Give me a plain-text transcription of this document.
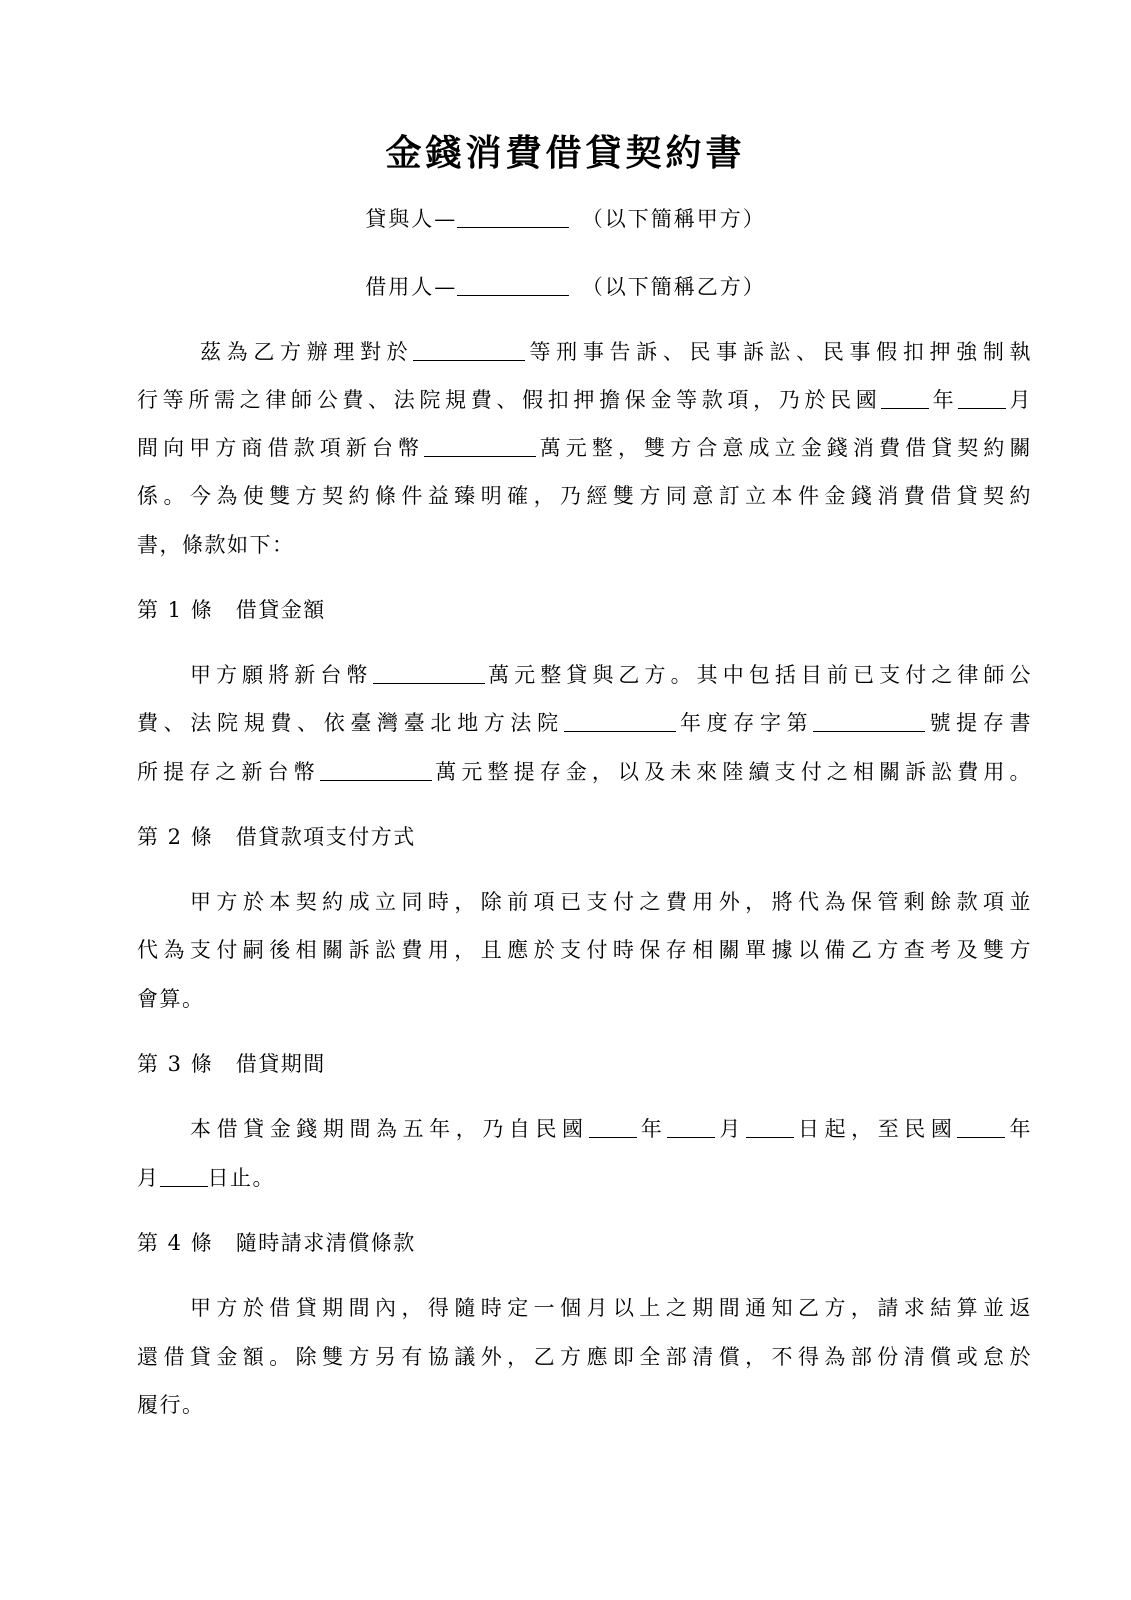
金錢消費借貸契約書
貸與人—　	（以下簡稱甲方）
借用人—　	（以下簡稱乙方）
茲為乙方辦理對於	等刑事告訴、民事訴訟、民事假扣押強制執
行等所需之律師公費、法院規費、假扣押擔保金等款項，乃於民國 年 月
間向甲方商借款項新台幣	萬元整，雙方合意成立金錢消費借貸契約關
係。今為使雙方契約條件益臻明確，乃經雙方同意訂立本件金錢消費借貸契約
書，條款如下：
第 1 條　借貸金額
甲方願將新台幣	萬元整貸與乙方。其中包括目前已支付之律師公
費、法院規費、依臺灣臺北地方法院	年度存字第	號提存書
所提存之新台幣	萬元整提存金，以及未來陸續支付之相關訴訟費用。
第 2 條　借貸款項支付方式
甲方於本契約成立同時，除前項已支付之費用外，將代為保管剩餘款項並
代為支付嗣後相關訴訟費用，且應於支付時保存相關單據以備乙方查考及雙方
會算。
第 3 條　借貸期間
本借貸金錢期間為五年，乃自民國 年 月 日起，至民國 年
月 日止。
第 4 條　隨時請求清償條款
甲方於借貸期間內，得隨時定一個月以上之期間通知乙方，請求結算並返
還借貸金額。除雙方另有協議外，乙方應即全部清償，不得為部份清償或怠於
履行。
